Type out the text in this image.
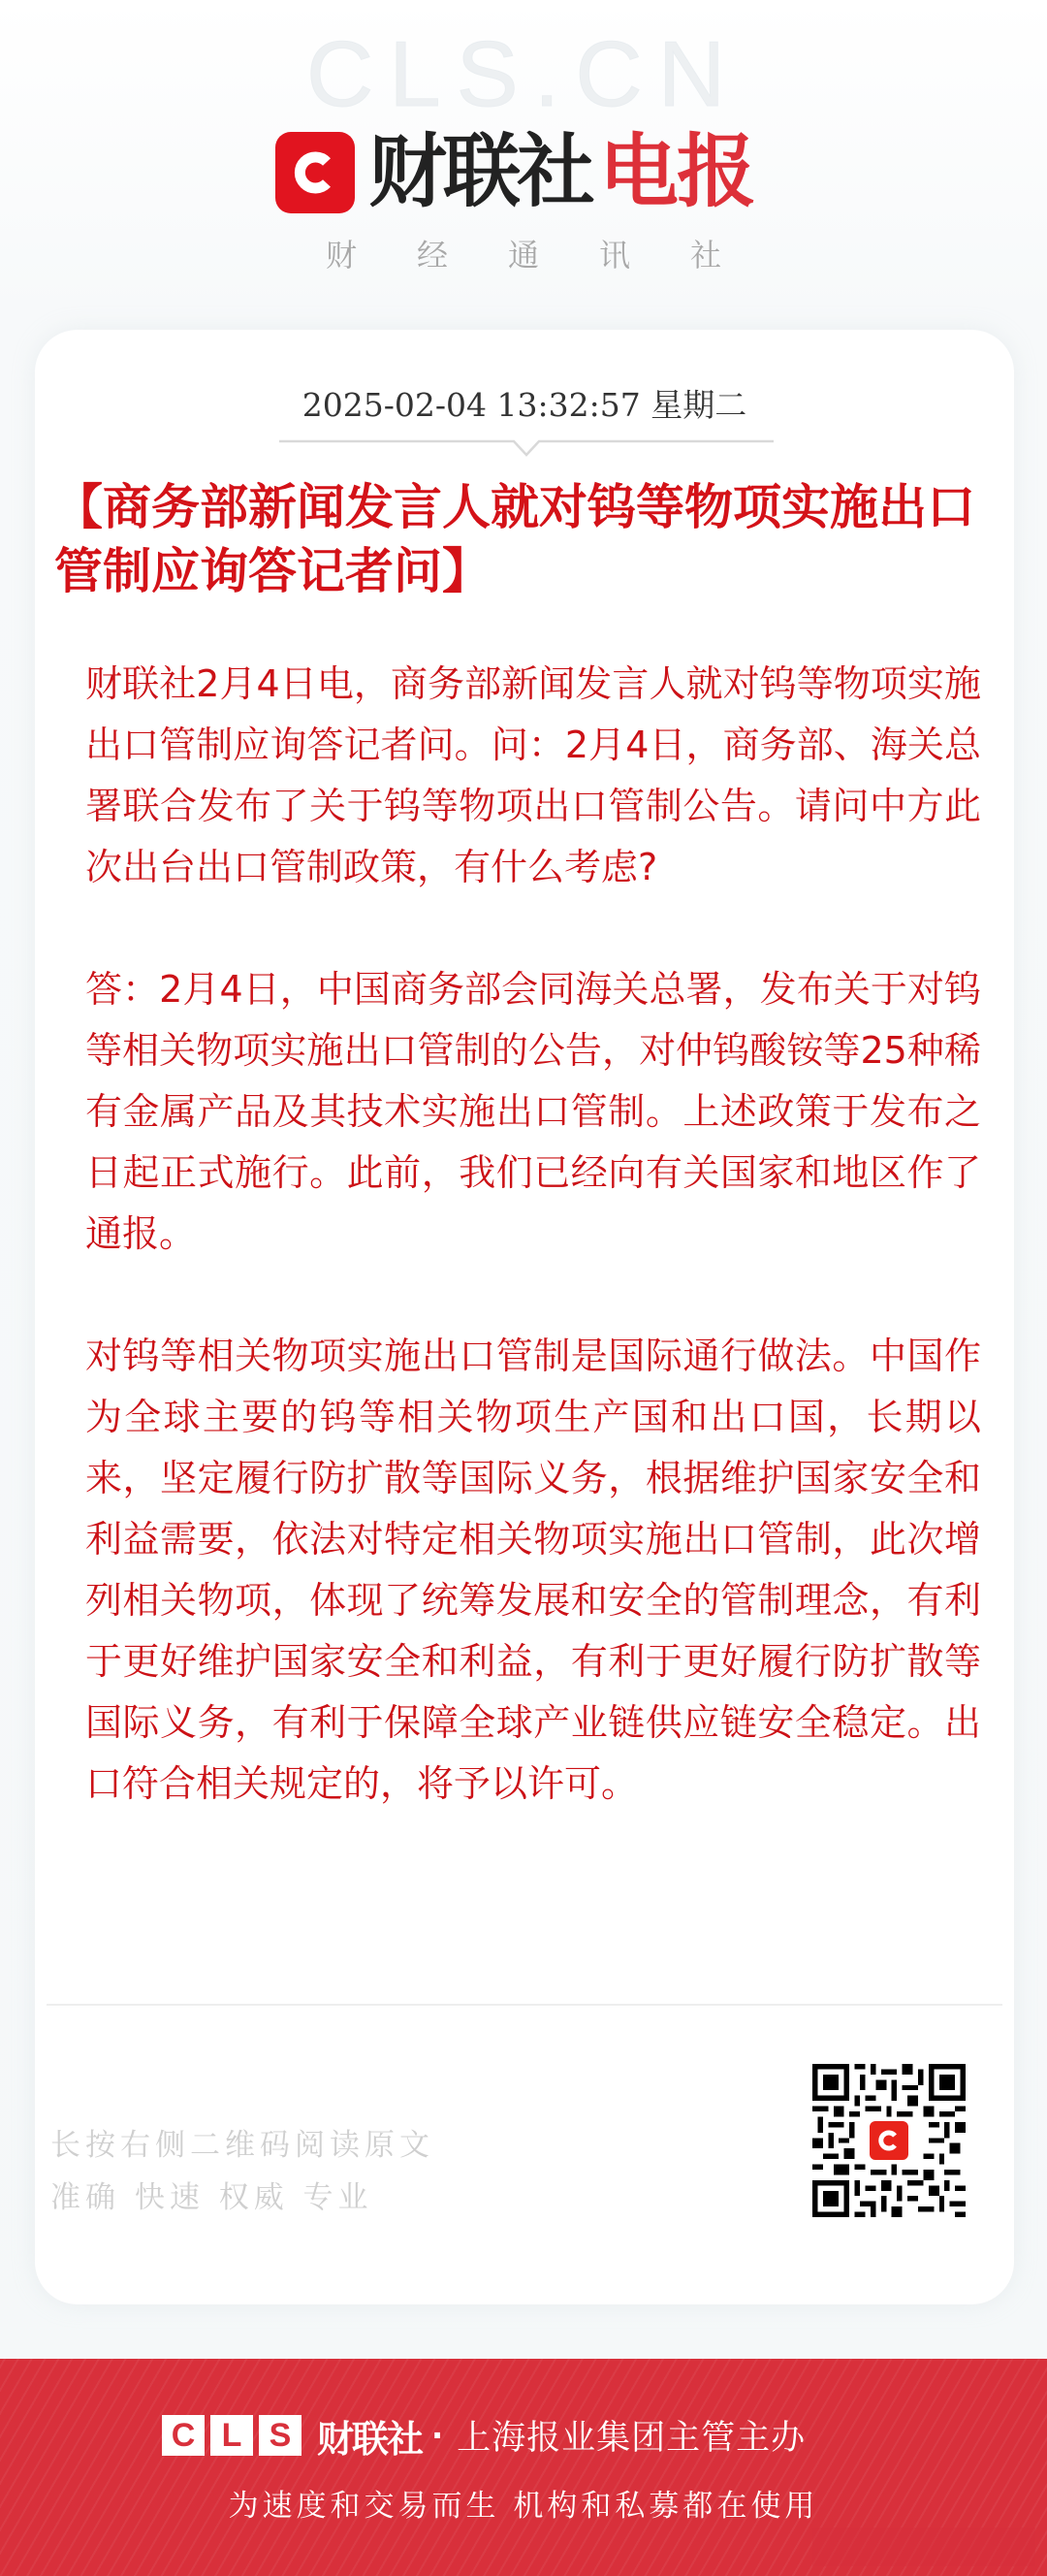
CLS.CN
财联社 电报
财经通讯社
2025-02-04 13:32:57 星期二
【商务部新闻发言人就对钨等物项实施出口管制应询答记者问】

财联社2月4日电，商务部新闻发言人就对钨等物项实施出口管制应询答记者问。问：2月4日，商务部、海关总署联合发布了关于钨等物项出口管制公告。请问中方此次出台出口管制政策，有什么考虑?

答：2月4日，中国商务部会同海关总署，发布关于对钨等相关物项实施出口管制的公告，对仲钨酸铵等25种稀有金属产品及其技术实施出口管制。上述政策于发布之日起正式施行。此前，我们已经向有关国家和地区作了通报。

对钨等相关物项实施出口管制是国际通行做法。中国作为全球主要的钨等相关物项生产国和出口国，长期以来，坚定履行防扩散等国际义务，根据维护国家安全和利益需要，依法对特定相关物项实施出口管制，此次增列相关物项，体现了统筹发展和安全的管制理念，有利于更好维护国家安全和利益，有利于更好履行防扩散等国际义务，有利于保障全球产业链供应链安全稳定。出口符合相关规定的，将予以许可。

长按右侧二维码阅读原文
准确 快速 权威 专业
C L S 财联社 · 上海报业集团主管主办
为速度和交易而生 机构和私募都在使用
